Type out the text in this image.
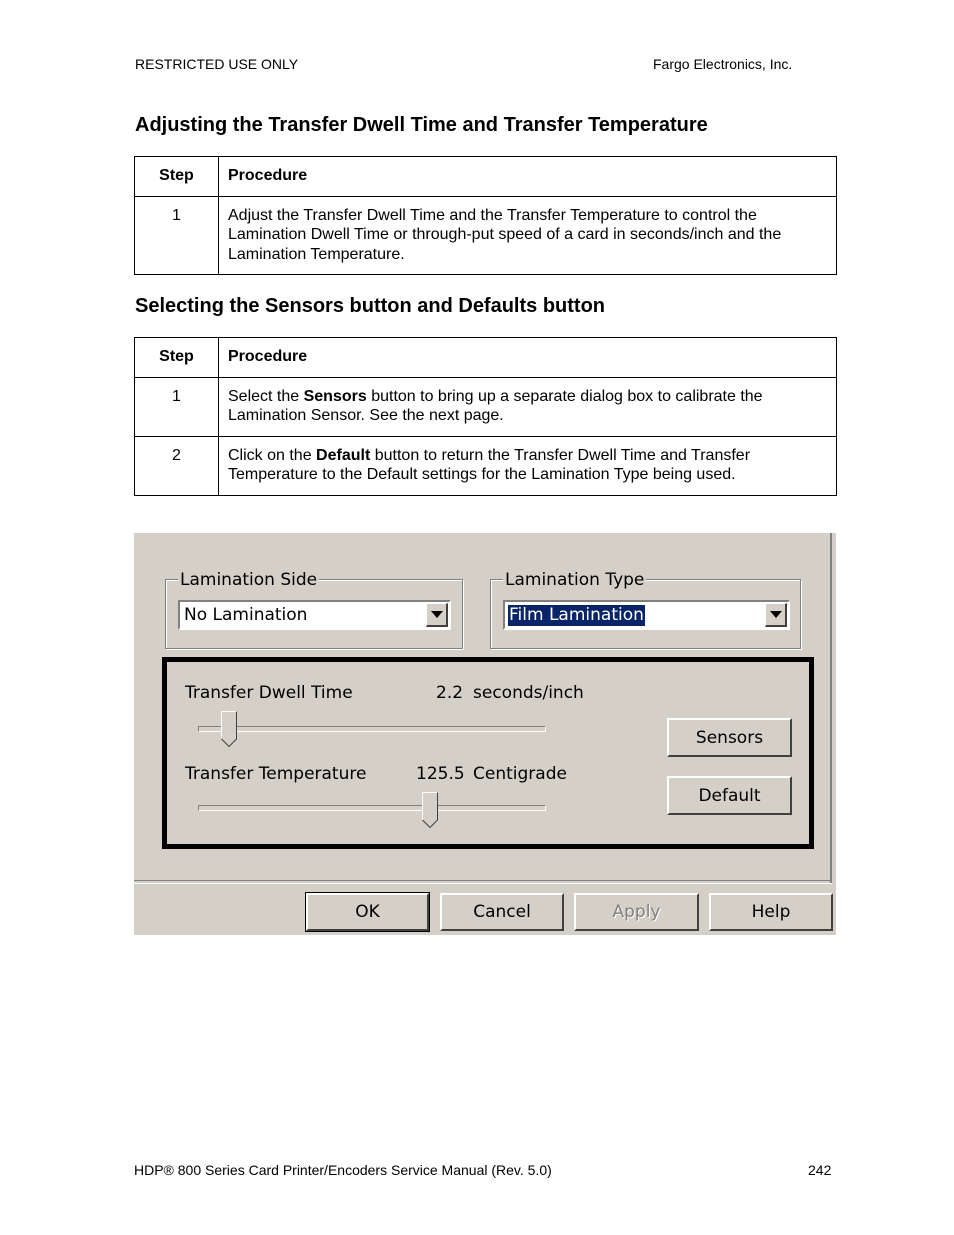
RESTRICTED USE ONLY	Fargo Electronics, Inc.
Adjusting the Transfer Dwell Time and Transfer Temperature
Step	Procedure
1	Adjust the Transfer Dwell Time and the Transfer Temperature to control the Lamination Dwell Time or through-put speed of a card in seconds/inch and the Lamination Temperature.
Selecting the Sensors button and Defaults button
Step	Procedure
1	Select the Sensors button to bring up a separate dialog box to calibrate the Lamination Sensor. See the next page.
2	Click on the Default button to return the Transfer Dwell Time and Transfer Temperature to the Default settings for the Lamination Type being used.
Lamination Side
No Lamination
Lamination Type
Film Lamination
Transfer Dwell Time	2.2 seconds/inch
Transfer Temperature	125.5 Centigrade
Sensors
Default
OK	Cancel	Apply	Help
HDP® 800 Series Card Printer/Encoders Service Manual (Rev. 5.0)	242
